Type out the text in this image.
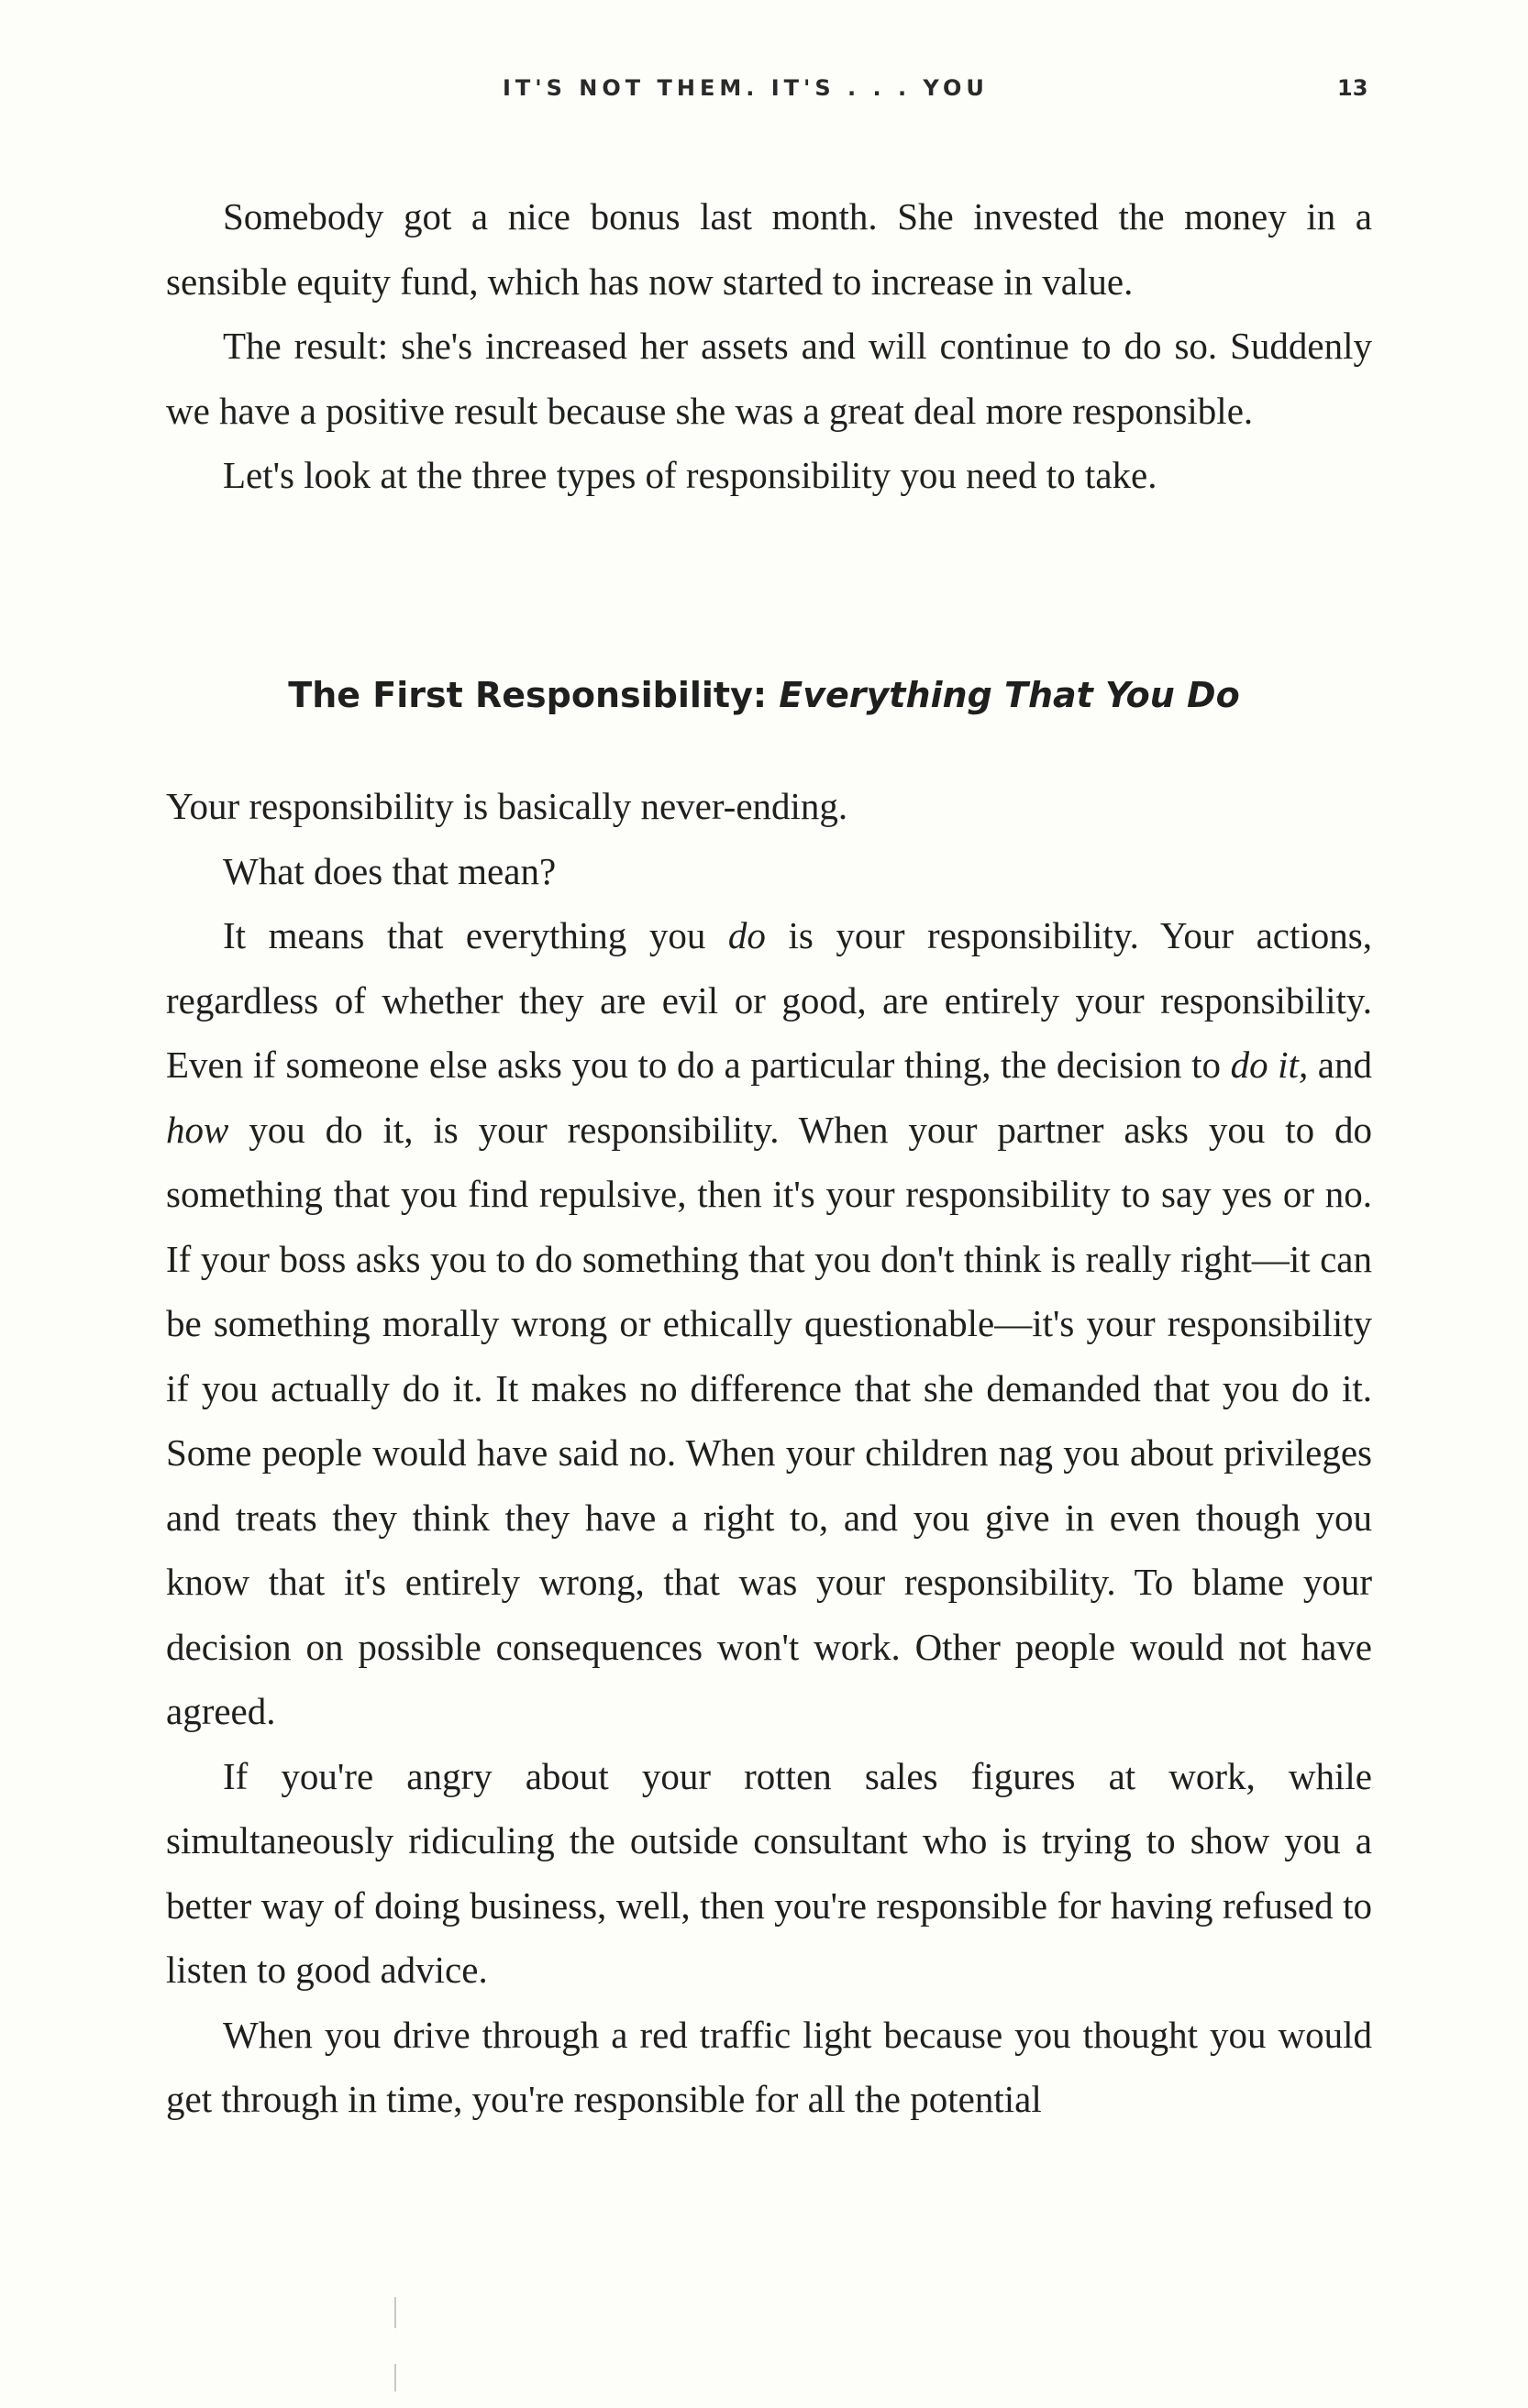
IT'S NOT THEM. IT'S . . . YOU	13

Somebody got a nice bonus last month. She invested the money in a sensible equity fund, which has now started to increase in value.

The result: she's increased her assets and will continue to do so. Suddenly we have a positive result because she was a great deal more responsible.

Let's look at the three types of responsibility you need to take.

The First Responsibility: Everything That You Do

Your responsibility is basically never-ending.

What does that mean?

It means that everything you do is your responsibility. Your actions, regardless of whether they are evil or good, are entirely your responsibility. Even if someone else asks you to do a particular thing, the decision to do it, and how you do it, is your responsibility. When your partner asks you to do something that you find repulsive, then it's your responsibility to say yes or no. If your boss asks you to do something that you don't think is really right—it can be something morally wrong or ethically questionable—it's your responsibility if you actually do it. It makes no difference that she demanded that you do it. Some people would have said no. When your children nag you about privileges and treats they think they have a right to, and you give in even though you know that it's entirely wrong, that was your responsibility. To blame your decision on possible consequences won't work. Other people would not have agreed.

If you're angry about your rotten sales figures at work, while simultaneously ridiculing the outside consultant who is trying to show you a better way of doing business, well, then you're responsible for having refused to listen to good advice.

When you drive through a red traffic light because you thought you would get through in time, you're responsible for all the potential
